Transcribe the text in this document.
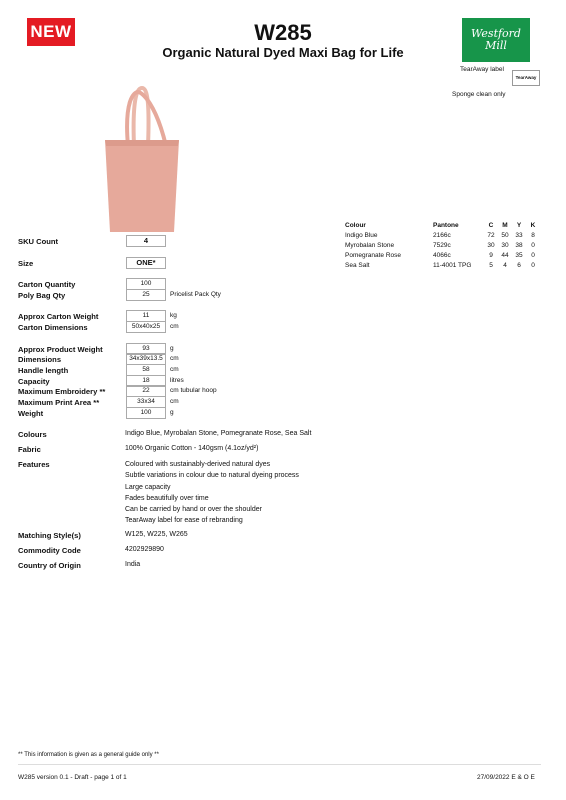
NEW	W285
Organic Natural Dyed Maxi Bag for Life
Westford Mill
TearAway label
TearAway
Sponge clean only
Colour	Pantone	C	M	Y	K
Indigo Blue	2166c	72	50	33	8
Myrobalan Stone	7529c	30	30	38	0
Pomegranate Rose	4066c	9	44	35	0
Sea Salt	11-4001 TPG	5	4	6	0
SKU Count	4
Size	ONE*
Carton Quantity	100
Poly Bag Qty	25	Pricelist Pack Qty
Approx Carton Weight	11	kg
Carton Dimensions	50x40x25	cm
Approx Product Weight	93	g
Dimensions	34x39x13.5	cm
Handle length	58	cm
Capacity	18	litres
Maximum Embroidery **	22	cm tubular hoop
Maximum Print Area **	33x34	cm
Weight	100	g
Colours	Indigo Blue, Myrobalan Stone, Pomegranate Rose, Sea Salt
Fabric	100% Organic Cotton - 140gsm (4.1oz/yd²)
Features	Coloured with sustainably-derived natural dyes
Subtle variations in colour due to natural dyeing process
Large capacity
Fades beautifully over time
Can be carried by hand or over the shoulder
TearAway label for ease of rebranding
Matching Style(s)	W125, W225, W265
Commodity Code	4202929890
Country of Origin	India
** This information is given as a general guide only **
W285 version 0.1 - Draft - page 1 of 1	27/09/2022 E & O E
